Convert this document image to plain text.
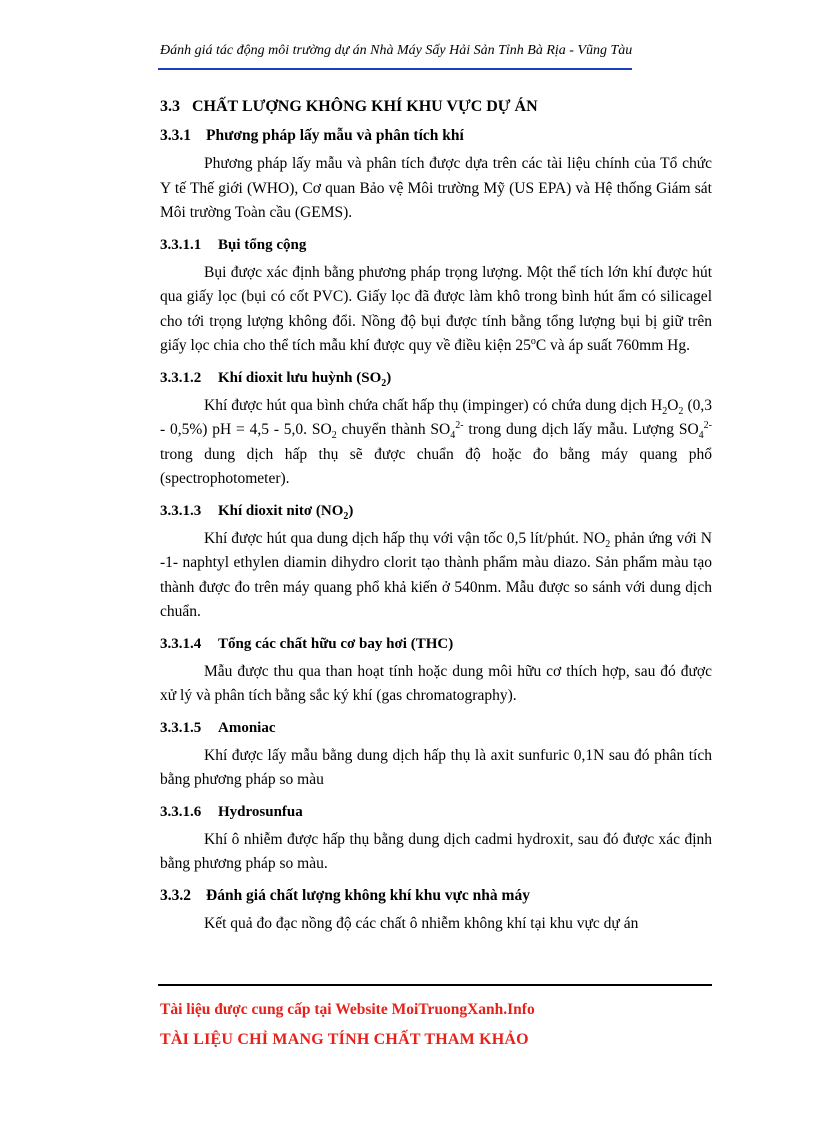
Đánh giá tác động môi trường dự án Nhà Máy Sấy Hải Sản Tỉnh Bà Rịa - Vũng Tàu
3.3 CHẤT LƯỢNG KHÔNG KHÍ KHU VỰC DỰ ÁN
3.3.1 Phương pháp lấy mẫu và phân tích khí

Phương pháp lấy mẫu và phân tích được dựa trên các tài liệu chính của Tổ chức Y tế Thế giới (WHO), Cơ quan Bảo vệ Môi trường Mỹ (US EPA) và Hệ thống Giám sát Môi trường Toàn cầu (GEMS).

3.3.1.1 Bụi tổng cộng

Bụi được xác định bằng phương pháp trọng lượng. Một thể tích lớn khí được hút qua giấy lọc (bụi có cốt PVC). Giấy lọc đã được làm khô trong bình hút ẩm có silicagel cho tới trọng lượng không đổi. Nồng độ bụi được tính bằng tổng lượng bụi bị giữ trên giấy lọc chia cho thể tích mẫu khí được quy về điều kiện 25$^o$C và áp suất 760mm Hg.

3.3.1.2 Khí dioxit lưu huỳnh $(SO_2)$

Khí được hút qua bình chứa chất hấp thụ (impinger) có chứa dung dịch $H_2O_2$ (0,3 - 0,5%) pH = 4,5 - 5,0. $SO_2$ chuyển thành $SO_4^{2-}$ trong dung dịch lấy mẫu. Lượng $SO_4^{2-}$ trong dung dịch hấp thụ sẽ được chuẩn độ hoặc đo bằng máy quang phổ (spectrophotometer).

3.3.1.3 Khí dioxit nitơ $(NO_2)$

Khí được hút qua dung dịch hấp thụ với vận tốc 0,5 lít/phút. $NO_2$ phản ứng với N -1- naphtyl ethylen diamin dihydro clorit tạo thành phẩm màu diazo. Sản phẩm màu tạo thành được đo trên máy quang phổ khả kiến ở 540nm. Mẫu được so sánh với dung dịch chuẩn.

3.3.1.4 Tổng các chất hữu cơ bay hơi (THC)

Mẫu được thu qua than hoạt tính hoặc dung môi hữu cơ thích hợp, sau đó được xử lý và phân tích bằng sắc ký khí (gas chromatography).

3.3.1.5 Amoniac

Khí được lấy mẫu bằng dung dịch hấp thụ là axit sunfuric 0,1N sau đó phân tích bằng phương pháp so màu

3.3.1.6 Hydrosunfua

Khí ô nhiễm được hấp thụ bằng dung dịch cadmi hydroxit, sau đó được xác định bằng phương pháp so màu.

3.3.2 Đánh giá chất lượng không khí khu vực nhà máy

Kết quả đo đạc nồng độ các chất ô nhiễm không khí tại khu vực dự án

Tài liệu được cung cấp tại Website MoiTruongXanh.Info
TÀI LIỆU CHỈ MANG TÍNH CHẤT THAM KHẢO
